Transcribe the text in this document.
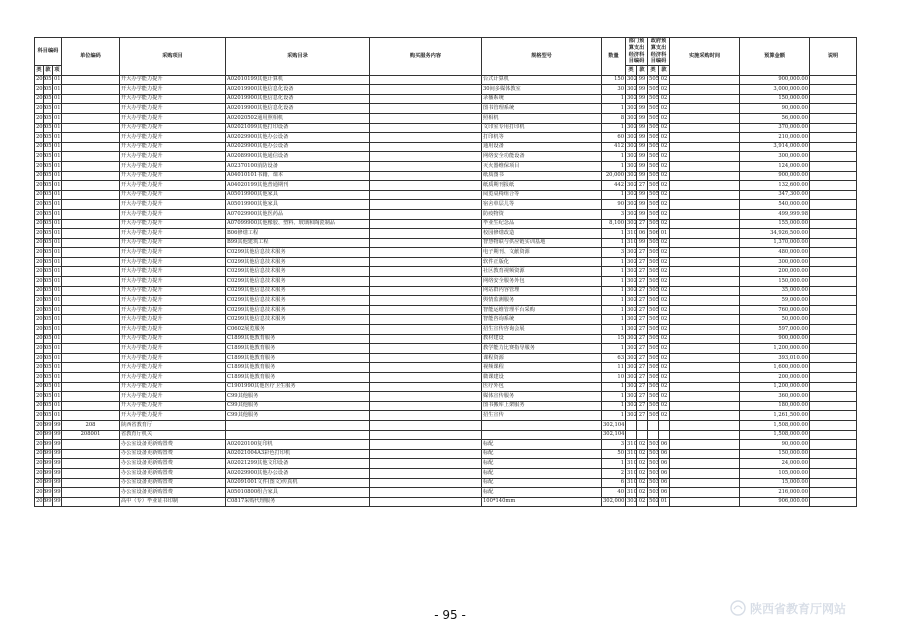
科目编码			单位编码	采购项目	采购目录	购买服务内容	规格型号	数量	部门预算支出经济科目编码		政府预算支出经济科目编码		实施采购时间	预算金额	说明
类	款	项							类	款	类	款			
205	05	01		开大办学能力提升	A02010199其他计算机		台式计算机	150	302	99	505	02		900,000.00	
205	05	01		开大办学能力提升	A02019900其他信息化设备		30间多媒体教室	30	302	99	505	02		3,000,000.00	
205	05	01		开大办学能力提升	A02019900其他信息化设备		录播系统	1	302	99	505	02		150,000.00	
205	05	01		开大办学能力提升	A02019900其他信息化设备		图书管理系统	1	302	99	505	02		90,000.00	
205	05	01		开大办学能力提升	A02020502通用照相机		照相机	8	302	99	505	02		56,000.00	
205	05	01		开大办学能力提升	A02021099其他打印设备		文印室专用打印机	1	302	99	505	02		370,000.00	
205	05	01		开大办学能力提升	A02029900其他办公设备		打印机等	60	302	99	505	02		210,000.00	
205	05	01		开大办学能力提升	A02029900其他办公设备		通用设备	412	302	99	505	02		3,914,000.00	
205	05	01		开大办学能力提升	A02089900其他通信设备		网络安全功能设备	1	302	99	505	02		300,000.00	
205	05	01		开大办学能力提升	A02370100消防设备		灭火器维保项目	1	302	99	505	02		124,000.00	
205	05	01		开大办学能力提升	A04010101书籍、课本		纸质图书	20,000	302	99	505	02		900,000.00	
205	05	01		开大办学能力提升	A04020199其他普通期刊		纸质期刊报纸	442	302	27	505	02		132,600.00	
205	05	01		开大办学能力提升	A05019900其他家具		阅览桌椅组合等	1	302	99	505	02		347,300.00	
205	05	01		开大办学能力提升	A05019900其他家具		宿舍单层儿等	90	302	99	505	02		540,000.00	
205	05	01		开大办学能力提升	A07029900其他医药品		防疫物资	3	302	99	505	02		499,999.98	
205	05	01		开大办学能力提升	A07099900其他橡胶、塑料、玻璃和陶瓷制品		毕业生纪念品	8,100	302	27	505	02		155,000.00	
205	05	01		开大办学能力提升	B06修缮工程		校园修缮改造	1	310	06	506	01		34,926,500.00	
205	05	01		开大办学能力提升	B99其他建筑工程		智慧物联与供应链实训基地	1	310	99	505	02		1,370,000.00	
205	05	01		开大办学能力提升	C0299其他信息技术服务		电子期刊、文献资源	3	302	27	505	02		480,000.00	
205	05	01		开大办学能力提升	C0299其他信息技术服务		软件正版化	1	302	27	505	02		300,000.00	
205	05	01		开大办学能力提升	C0299其他信息技术服务		社区教育视频资源	1	302	27	505	02		200,000.00	
205	05	01		开大办学能力提升	C0299其他信息技术服务		网络安全服务外包	1	302	27	505	02		150,000.00	
205	05	01		开大办学能力提升	C0299其他信息技术服务		网站群内容管理	1	302	27	505	02		35,000.00	
205	05	01		开大办学能力提升	C0299其他信息技术服务		舆情监测服务	1	302	27	505	02		59,000.00	
205	05	01		开大办学能力提升	C0299其他信息技术服务		智能运维管理平台采购	1	302	27	505	02		760,000.00	
205	05	01		开大办学能力提升	C0299其他信息技术服务		智能咨询系统	1	302	27	505	02		50,000.00	
205	05	01		开大办学能力提升	C0602展览服务		招生宣传咨询会展	1	302	27	505	02		597,000.00	
205	05	01		开大办学能力提升	C1899其他教育服务		教材建设	15	302	27	505	02		900,000.00	
205	05	01		开大办学能力提升	C1899其他教育服务		教学能力比赛指导服务	1	302	27	505	02		1,200,000.00	
205	05	01		开大办学能力提升	C1899其他教育服务		课程资源	63	302	27	505	02		393,010.00	
205	05	01		开大办学能力提升	C1899其他教育服务		视频课程	11	302	27	505	02		1,600,000.00	
205	05	01		开大办学能力提升	C1899其他教育服务		微课建设	10	302	27	505	02		200,000.00	
205	05	01		开大办学能力提升	C1901990其他医疗卫生服务		医疗外包	1	302	27	505	02		1,200,000.00	
205	05	01		开大办学能力提升	C99其他服务		媒体宣传服务	1	302	27	505	02		360,000.00	
205	05	01		开大办学能力提升	C99其他服务		图书搬库上架服务	1	302	27	505	02		180,000.00	
205	05	01		开大办学能力提升	C99其他服务		招生宣传	1	302	27	505	02		1,261,500.00	
205	99	99	208	陕西省教育厅				302,104						1,508,000.00	
205	99	99	208001	省教育厅机关				302,104						1,508,000.00	
205	99	99		办公室设备更新购置费	A02020100复印机		标配	3	310	02	503	06		90,000.00	
205	99	99		办公室设备更新购置费	A02021004A3彩色打印机		标配	50	310	02	503	06		150,000.00	
205	99	99		办公室设备更新购置费	A02021299其他文印设备		标配	1	310	02	503	06		24,000.00	
205	99	99		办公室设备更新购置费	A02029900其他办公设备		标配	2	310	02	503	06		105,000.00	
205	99	99		办公室设备更新购置费	A02091001文件(图文)传真机		标配	6	310	02	503	06		15,000.00	
205	99	99		办公室设备更新购置费	A05010800组合家具		标配	40	310	02	503	06		216,000.00	
205	99	99		高中（专）毕业证书印制	C0817采购代理服务		100*140mm	302,000	302	02	502	01		906,000.00	
- 95 -	陕西省教育厅网站
